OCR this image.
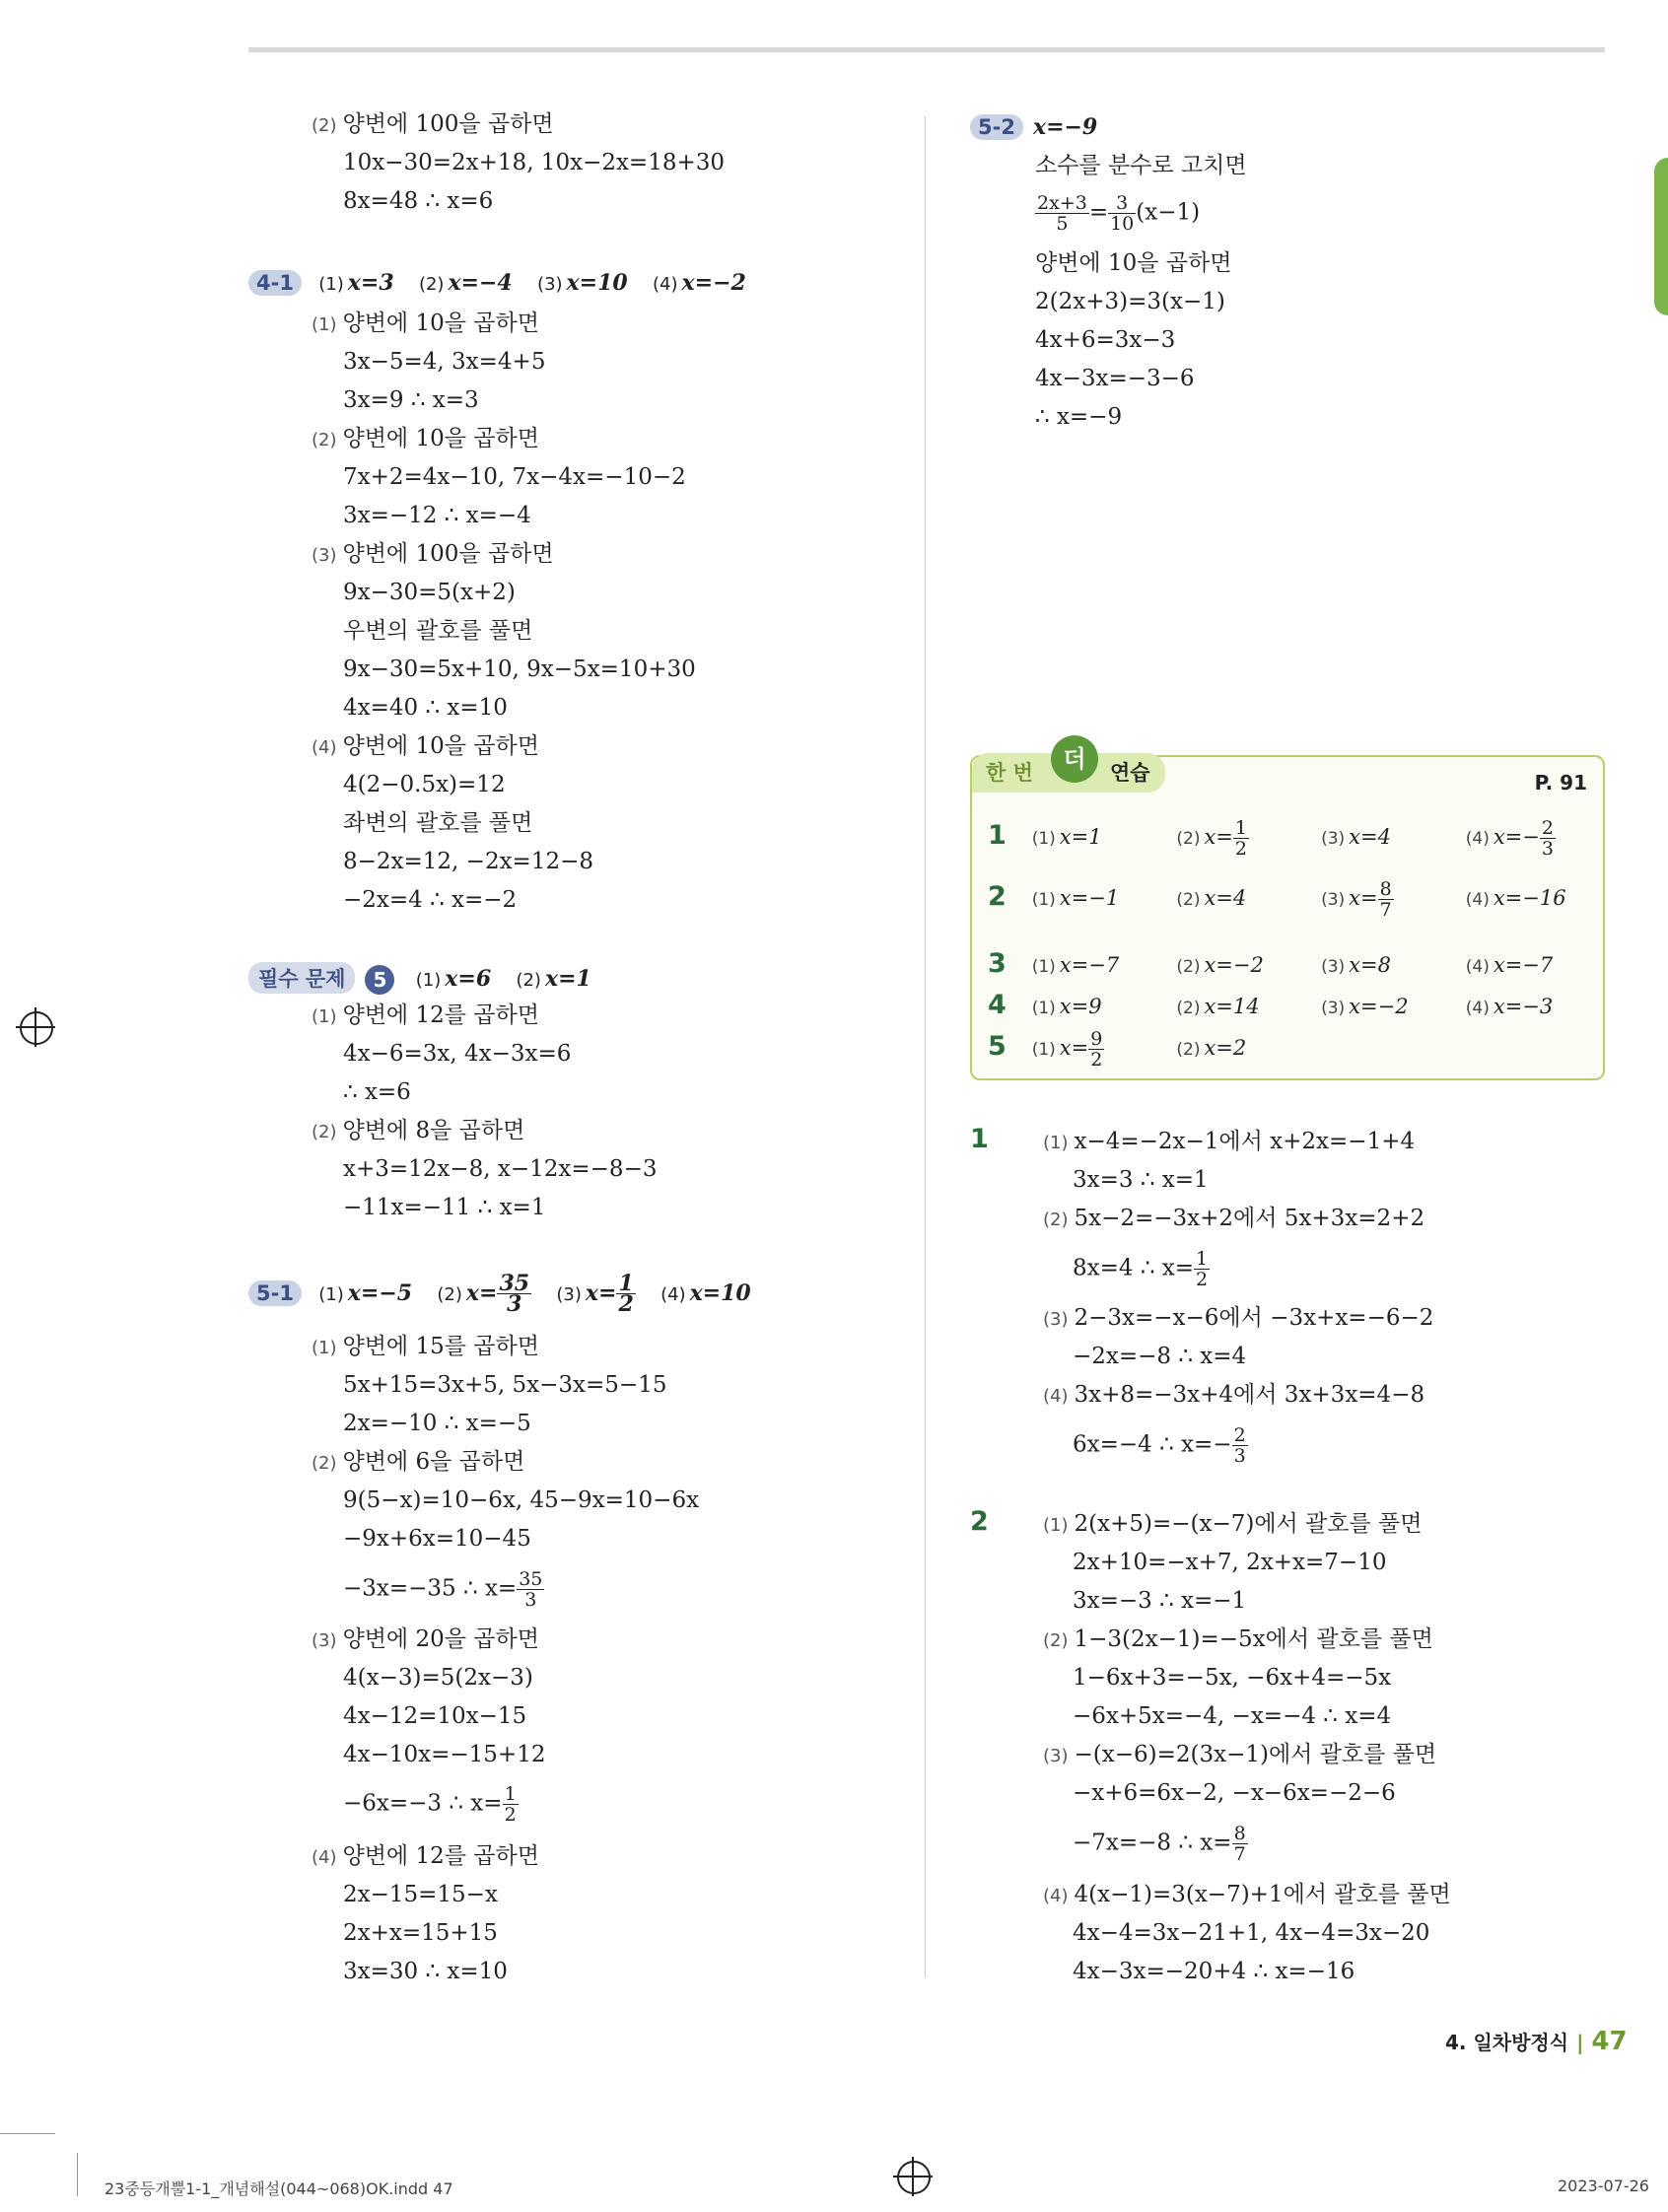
(2) 양변에 100을 곱하면
10x−30=2x+18, 10x−2x=18+30
8x=48 ∴ x=6
4-1 (1) x=3 (2) x=−4 (3) x=10 (4) x=−2
(1) 양변에 10을 곱하면
3x−5=4, 3x=4+5
3x=9 ∴ x=3
(2) 양변에 10을 곱하면
7x+2=4x−10, 7x−4x=−10−2
3x=−12 ∴ x=−4
(3) 양변에 100을 곱하면
9x−30=5(x+2)
우변의 괄호를 풀면
9x−30=5x+10, 9x−5x=10+30
4x=40 ∴ x=10
(4) 양변에 10을 곱하면
4(2−0.5x)=12
좌변의 괄호를 풀면
8−2x=12, −2x=12−8
−2x=4 ∴ x=−2
필수 문제 5 (1) x=6 (2) x=1
(1) 양변에 12를 곱하면
4x−6=3x, 4x−3x=6
∴ x=6
(2) 양변에 8을 곱하면
x+3=12x−8, x−12x=−8−3
−11x=−11 ∴ x=1
5-1 (1) x=−5 (2) $x= \frac{35}{3} (3)$ $x= \frac{1}{2} (4)$ x=10
(1) 양변에 15를 곱하면
5x+15=3x+5, 5x−3x=5−15
2x=−10 ∴ x=−5
(2) 양변에 6을 곱하면
9(5−x)=10−6x, 45−9x=10−6x
−9x+6x=10−45
−3x=−35 ∴ $x= \frac{35}{3}$
(3) 양변에 20을 곱하면
4(x−3)=5(2x−3)
4x−12=10x−15
4x−10x=−15+12
−6x=−3 ∴ $x= \frac{1}{2}$
(4) 양변에 12를 곱하면
2x−15=15−x
2x+x=15+15
3x=30 ∴ x=10
5-2 x=−9
소수를 분수로 고치면
$\frac{2x+3}{5} = \frac{3}{10} (x-1)$
양변에 10을 곱하면
2(2x+3)=3(x−1)
4x+6=3x−3
4x−3x=−3−6
∴ x=−9
한 번	더	연습	P. 91
1 (1) x=1	(2) $x= \frac{1}{2}$	(3) x=4	(4) $x=- \frac{2}{3}$
2 (1) x=−1	(2) x=4	(3) $x= \frac{8}{7}$	(4) x=−16
3 (1) x=−7	(2) x=−2	(3) x=8	(4) x=−7
4 (1) x=9	(2) x=14	(3) x=−2	(4) x=−3
5 (1) $x= \frac{9}{2}$	(2) x=2
1	(1) x−4=−2x−1에서 x+2x=−1+4
3x=3 ∴ x=1
(2) 5x−2=−3x+2에서 5x+3x=2+2
8x=4 ∴ $x= \frac{1}{2}$
(3) 2−3x=−x−6에서 −3x+x=−6−2
−2x=−8 ∴ x=4
(4) 3x+8=−3x+4에서 3x+3x=4−8
6x=−4 ∴ $x=- \frac{2}{3}$
2	(1) 2(x+5)=−(x−7)에서 괄호를 풀면
2x+10=−x+7, 2x+x=7−10
3x=−3 ∴ x=−1
(2) 1−3(2x−1)=−5x에서 괄호를 풀면
1−6x+3=−5x, −6x+4=−5x
−6x+5x=−4, −x=−4 ∴ x=4
(3) −(x−6)=2(3x−1)에서 괄호를 풀면
−x+6=6x−2, −x−6x=−2−6
−7x=−8 ∴ $x= \frac{8}{7}$
(4) 4(x−1)=3(x−7)+1에서 괄호를 풀면
4x−4=3x−21+1, 4x−4=3x−20
4x−3x=−20+4 ∴ x=−16
4. 일차방정식 | 47
23중등개뿔1-1_개념해설(044~068)OK.indd 47	2023-07-26
